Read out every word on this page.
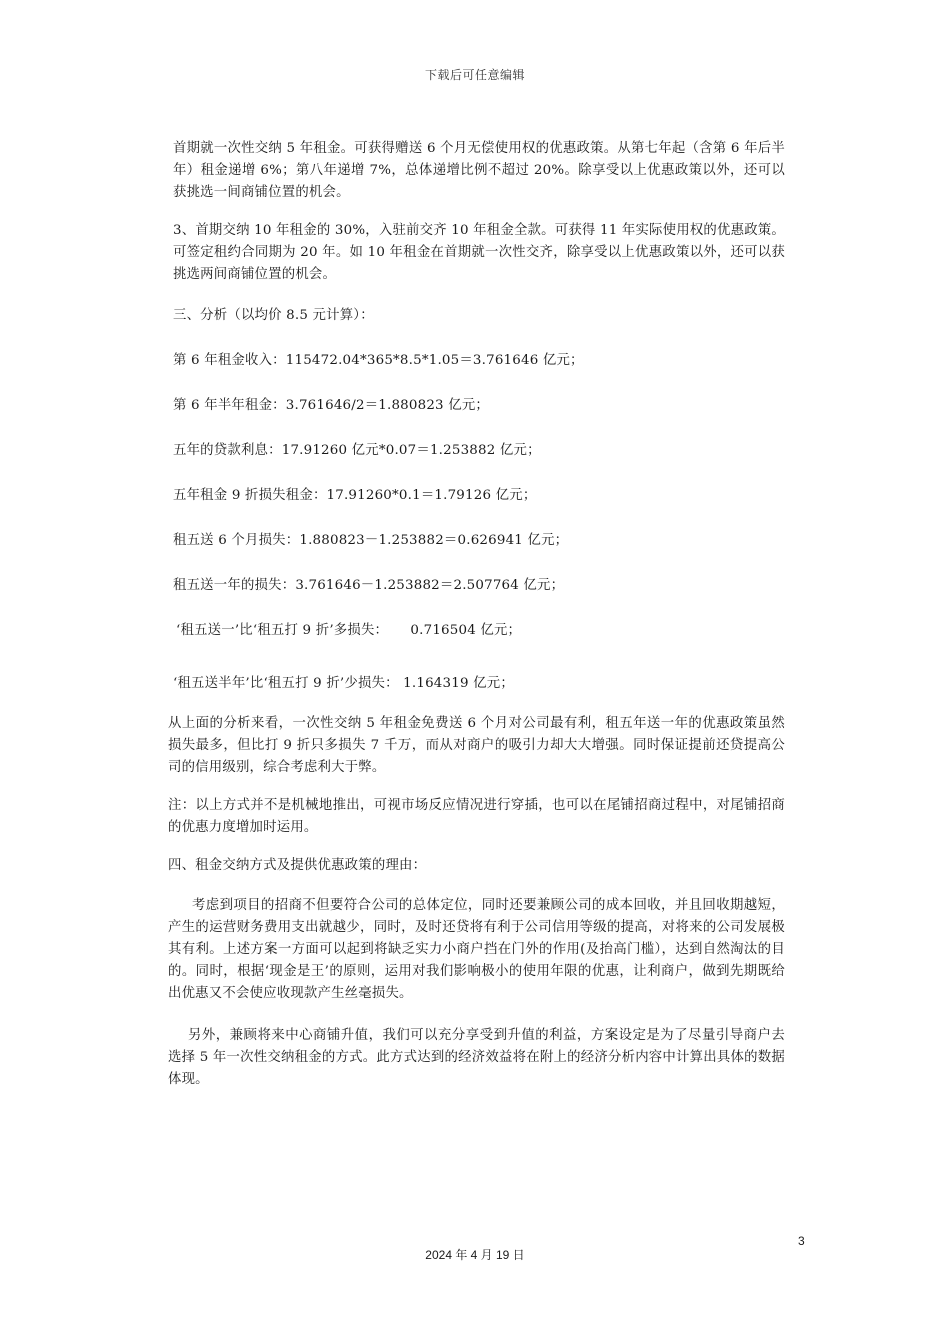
下载后可任意编辑

首期就一次性交纳 5 年租金。可获得赠送 6 个月无偿使用权的优惠政策。从第七年起（含第 6 年后半年）租金递增 6%；第八年递增 7%，总体递增比例不超过 20%。除享受以上优惠政策以外，还可以获挑选一间商铺位置的机会。

3、首期交纳 10 年租金的 30%，入驻前交齐 10 年租金全款。可获得 11 年实际使用权的优惠政策。可签定租约合同期为 20 年。如 10 年租金在首期就一次性交齐，除享受以上优惠政策以外，还可以获挑选两间商铺位置的机会。

三、分析（以均价 8.5 元计算）：

第 6 年租金收入：115472.04*365*8.5*1.05＝3.761646 亿元；

第 6 年半年租金：3.761646/2＝1.880823 亿元；

五年的贷款利息：17.91260 亿元*0.07＝1.253882 亿元；

五年租金 9 折损失租金：17.91260*0.1＝1.79126 亿元；

租五送 6 个月损失：1.880823－1.253882＝0.626941 亿元；

租五送一年的损失：3.761646－1.253882＝2.507764 亿元；

‘租五送一’比‘租五打 9 折’多损失：     0.716504 亿元；

‘租五送半年’比‘租五打 9 折’少损失： 1.164319 亿元；

从上面的分析来看，一次性交纳 5 年租金免费送 6 个月对公司最有利，租五年送一年的优惠政策虽然损失最多，但比打 9 折只多损失 7 千万，而从对商户的吸引力却大大增强。同时保证提前还贷提高公司的信用级别，综合考虑利大于弊。

注：以上方式并不是机械地推出，可视市场反应情况进行穿插，也可以在尾铺招商过程中，对尾铺招商的优惠力度增加时运用。

四、租金交纳方式及提供优惠政策的理由：

考虑到项目的招商不但要符合公司的总体定位，同时还要兼顾公司的成本回收，并且回收期越短，产生的运营财务费用支出就越少，同时，及时还贷将有利于公司信用等级的提高，对将来的公司发展极其有利。上述方案一方面可以起到将缺乏实力小商户挡在门外的作用(及抬高门槛），达到自然淘汰的目的。同时，根据‘现金是王’的原则，运用对我们影响极小的使用年限的优惠，让利商户，做到先期既给出优惠又不会使应收现款产生丝毫损失。

另外，兼顾将来中心商铺升值，我们可以充分享受到升值的利益，方案设定是为了尽量引导商户去选择 5 年一次性交纳租金的方式。此方式达到的经济效益将在附上的经济分析内容中计算出具体的数据体现。

3
2024 年 4 月 19 日
